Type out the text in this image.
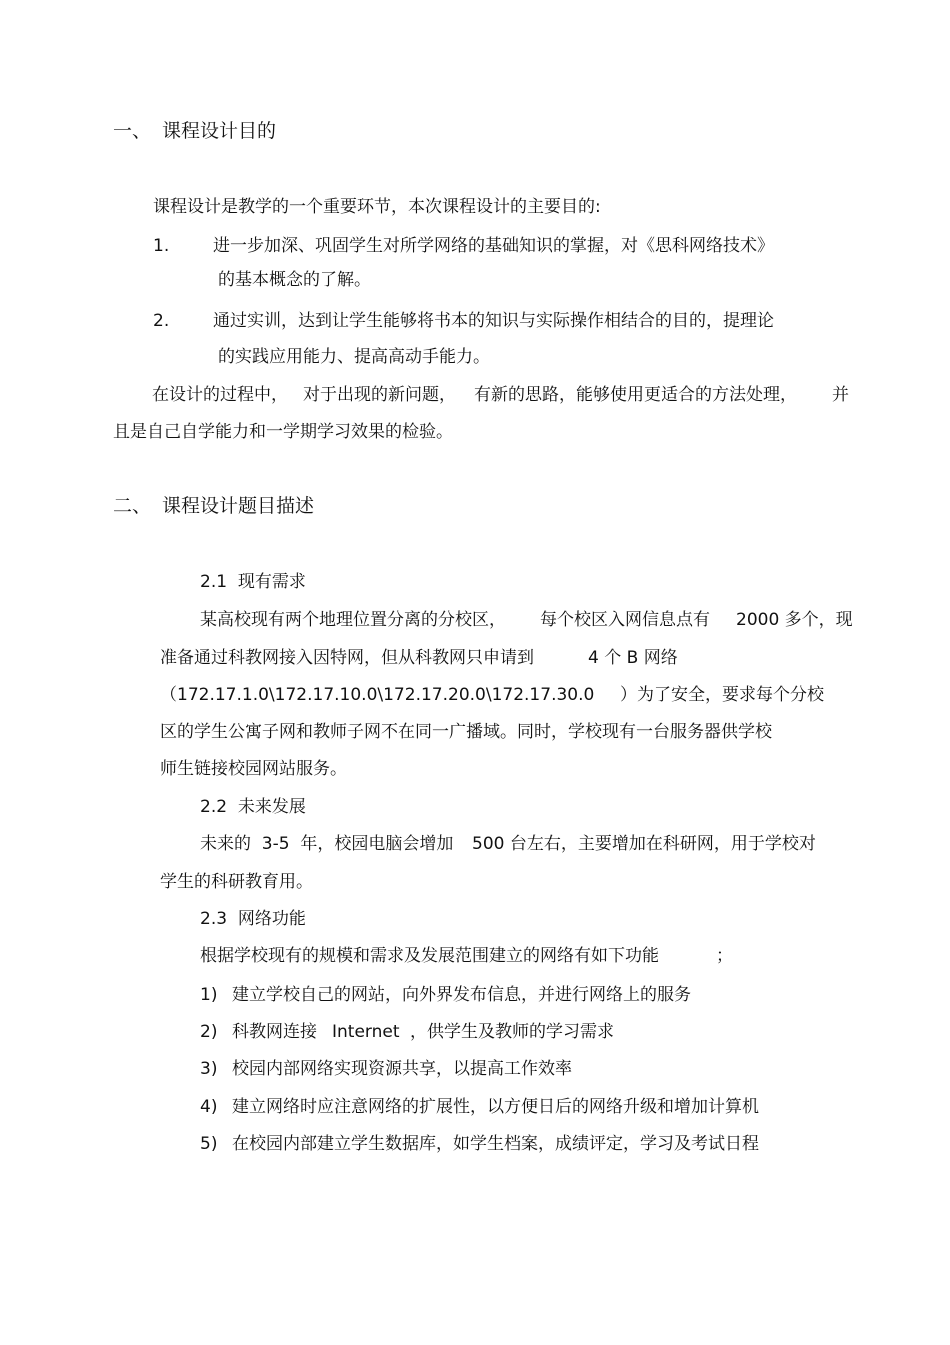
一、 课程设计目的
课程设计是教学的一个重要环节，本次课程设计的主要目的:
1.	进一步加深、巩固学生对所学网络的基础知识的掌握，对《思科网络技术》
的基本概念的了解。
2.	通过实训，达到让学生能够将书本的知识与实际操作相结合的目的，提理论
的实践应用能力、提高高动手能力。
在设计的过程中， 对于出现的新问题， 有新的思路，能够使用更适合的方法处理， 并
且是自己自学能力和一学期学习效果的检验。
二、 课程设计题目描述
2.1  现有需求
某高校现有两个地理位置分离的分校区， 每个校区入网信息点有 2000 多个，现
准备通过科教网接入因特网，但从科教网只申请到	4 个 B 网络
（172.17.1.0\172.17.10.0\172.17.20.0\172.17.30.0 ）为了安全，要求每个分校
区的学生公寓子网和教师子网不在同一广播域。同时，学校现有一台服务器供学校
师生链接校园网站服务。
2.2  未来发展
未来的  3-5  年，校园电脑会增加 500 台左右，主要增加在科研网，用于学校对
学生的科研教育用。
2.3  网络功能
根据学校现有的规模和需求及发展范围建立的网络有如下功能	；
1) 建立学校自己的网站，向外界发布信息，并进行网络上的服务
2) 科教网连接 Internet ，供学生及教师的学习需求
3) 校园内部网络实现资源共享，以提高工作效率
4) 建立网络时应注意网络的扩展性，以方便日后的网络升级和增加计算机
5) 在校园内部建立学生数据库，如学生档案，成绩评定，学习及考试日程
